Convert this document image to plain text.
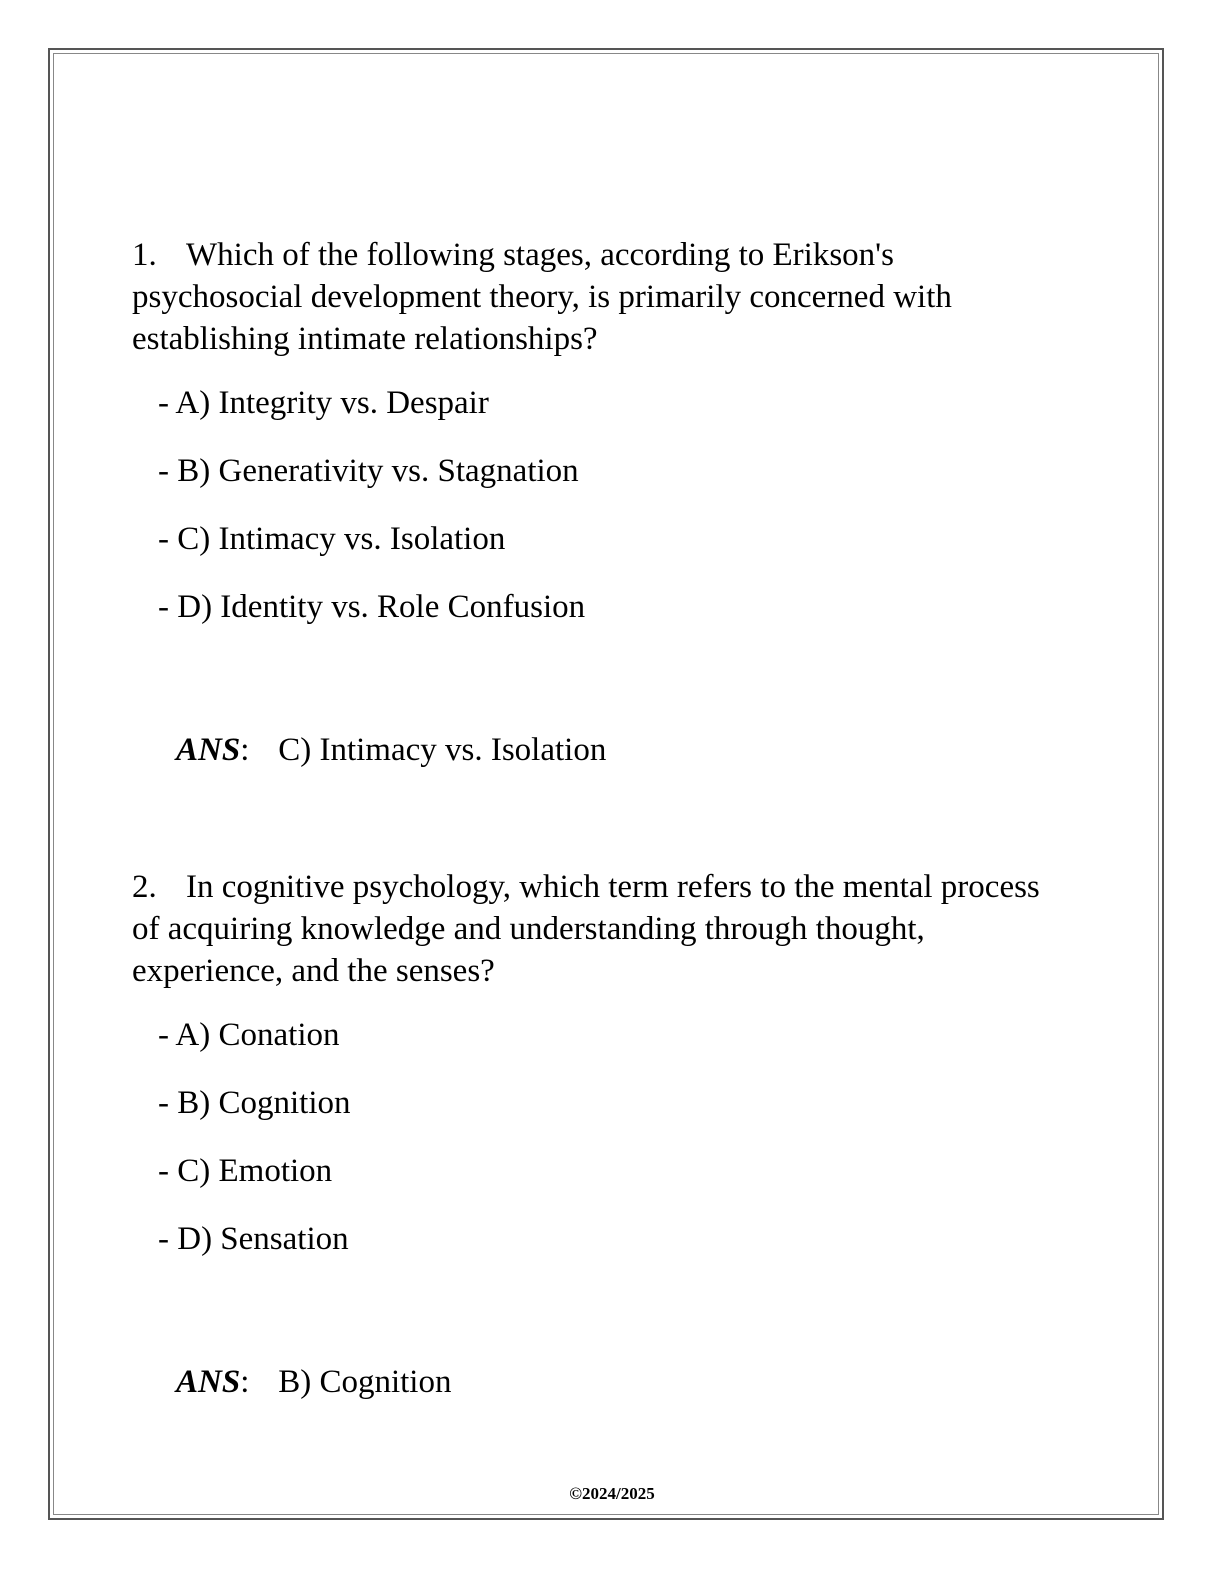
1. Which of the following stages, according to Erikson's psychosocial development theory, is primarily concerned with establishing intimate relationships?

- A) Integrity vs. Despair
- B) Generativity vs. Stagnation
- C) Intimacy vs. Isolation
- D) Identity vs. Role Confusion
ANS: C) Intimacy vs. Isolation

2. In cognitive psychology, which term refers to the mental process of acquiring knowledge and understanding through thought, experience, and the senses?

- A) Conation
- B) Cognition
- C) Emotion
- D) Sensation
ANS: B) Cognition
©2024/2025
